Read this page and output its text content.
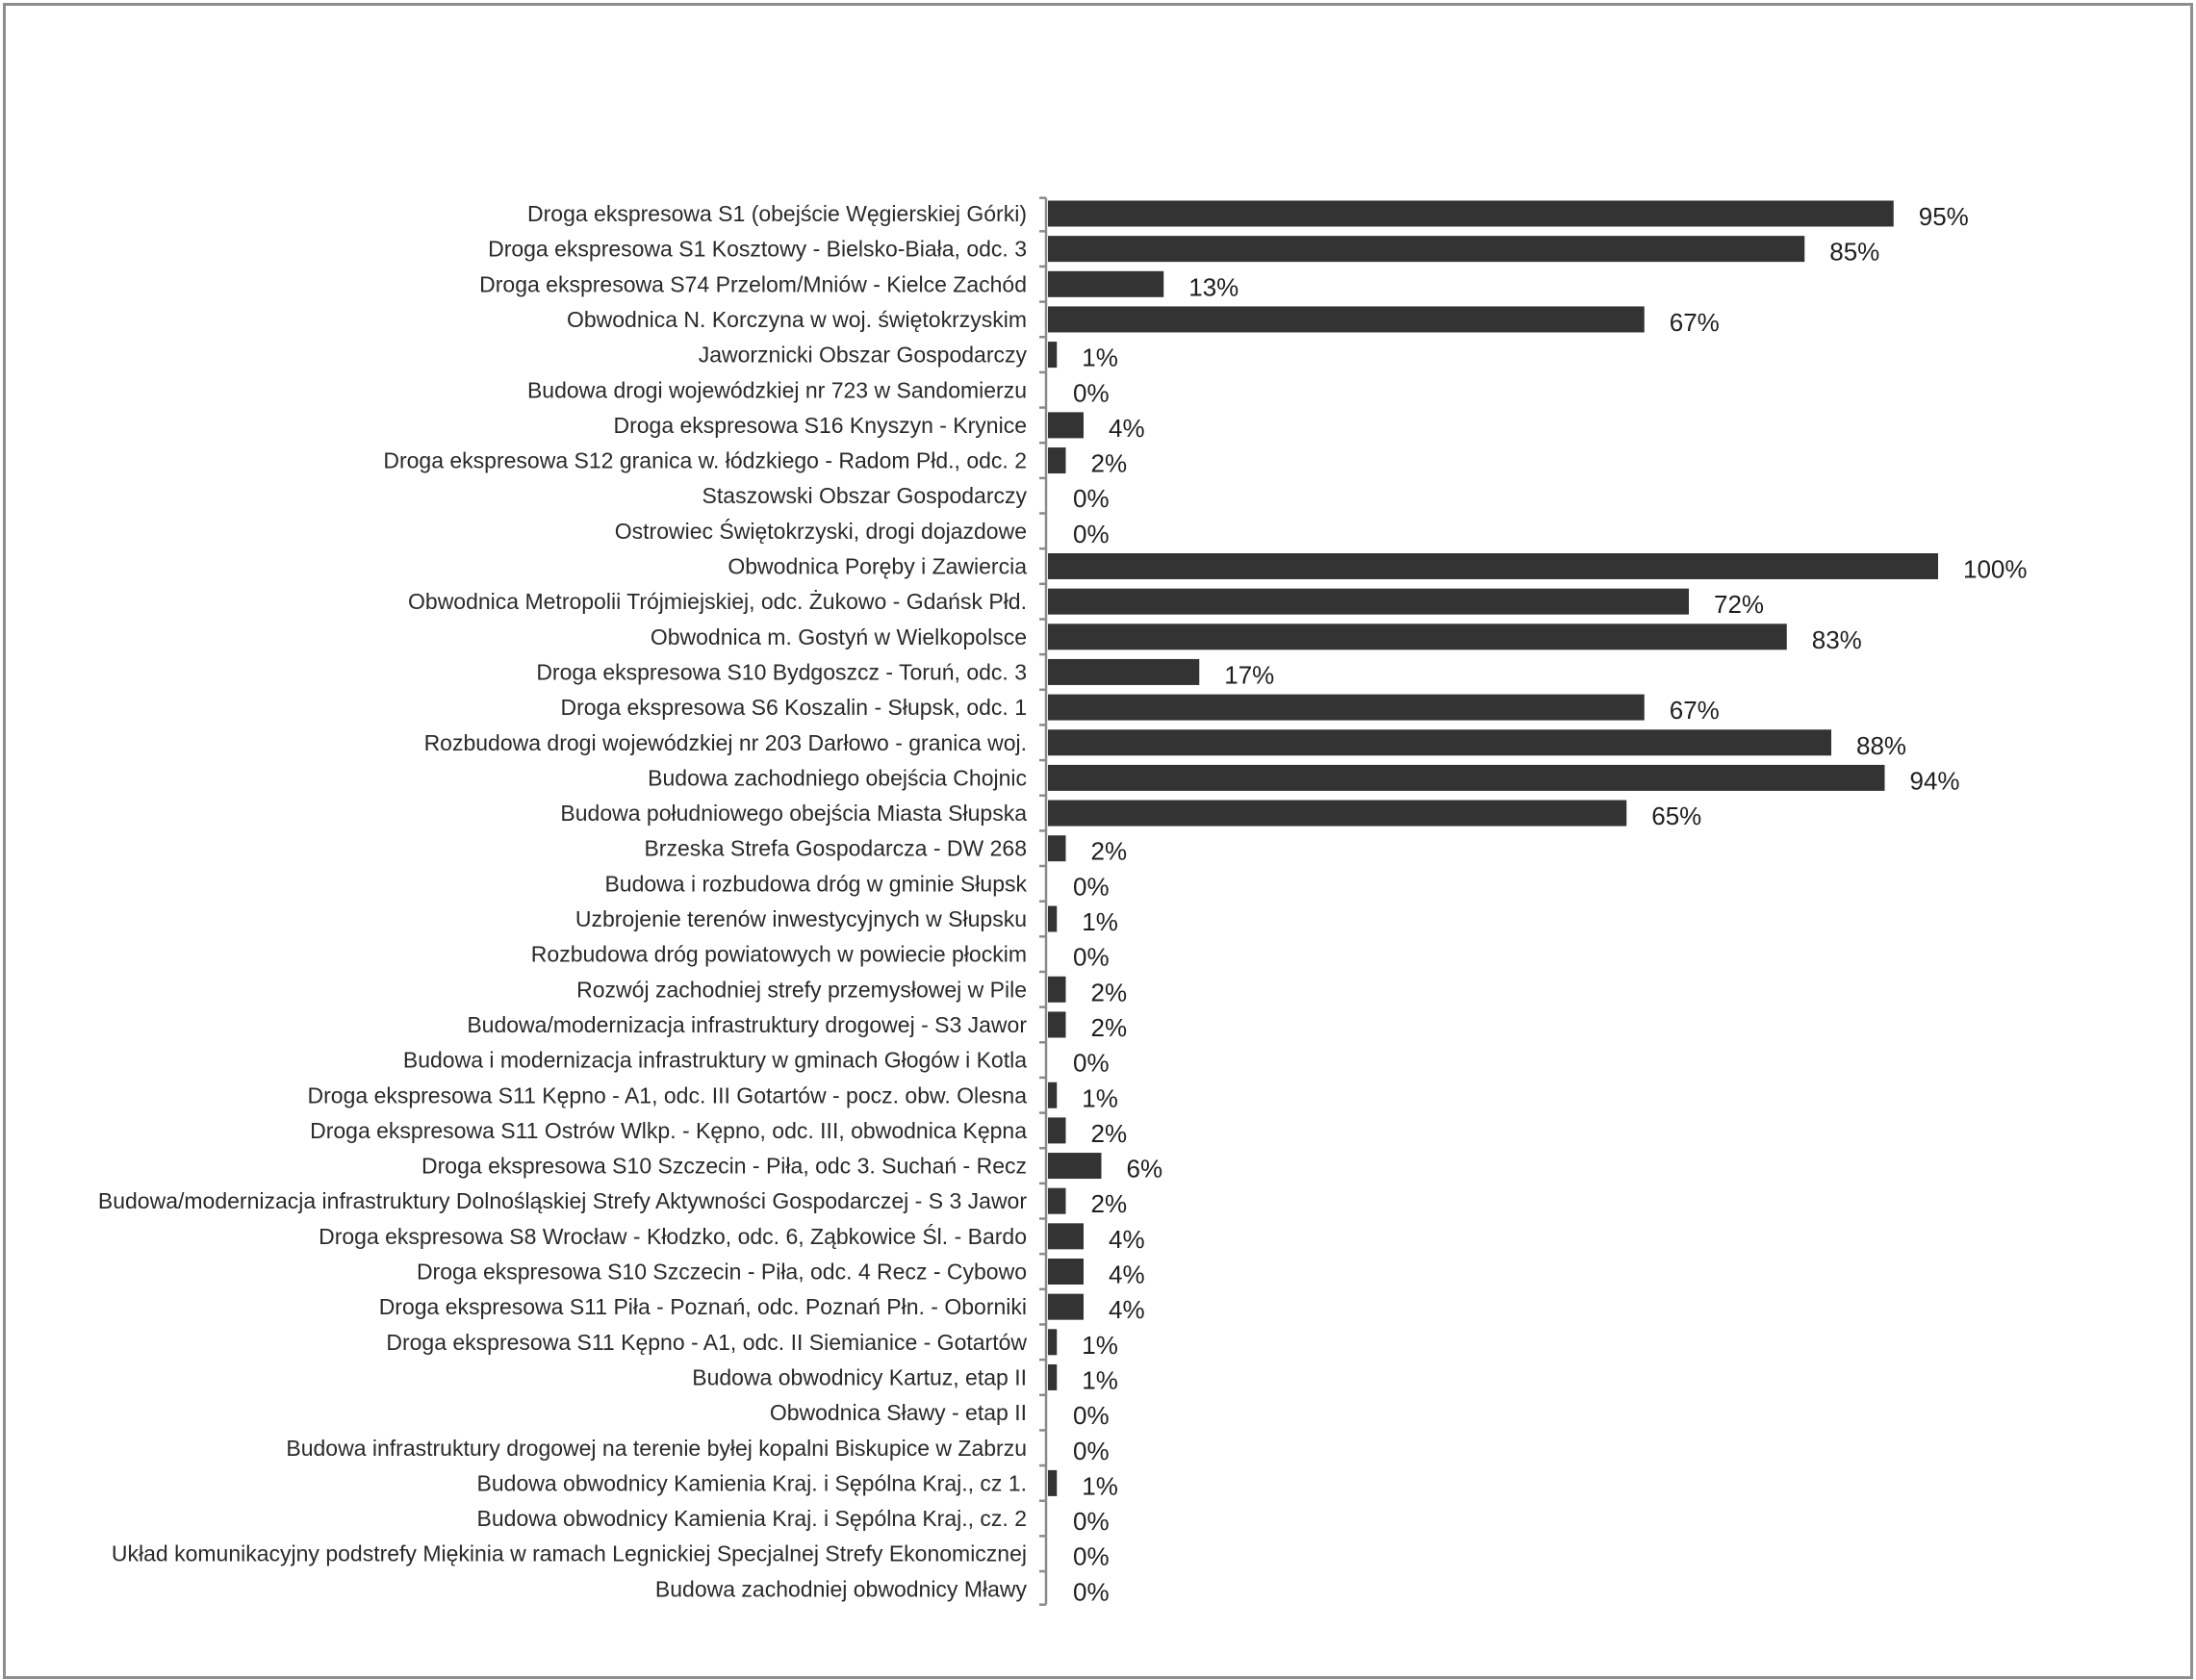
Droga ekspresowa S1 (obejście Węgierskiej Górki)
Droga ekspresowa S1 Kosztowy - Bielsko-Biała, odc. 3
Droga ekspresowa S74 Przelom/Mniów - Kielce Zachód
Obwodnica N. Korczyna w woj. świętokrzyskim
Jaworznicki Obszar Gospodarczy
Budowa drogi wojewódzkiej nr 723 w Sandomierzu
Droga ekspresowa S16 Knyszyn - Krynice
Droga ekspresowa S12 granica w. łódzkiego - Radom Płd., odc. 2
Staszowski Obszar Gospodarczy
Ostrowiec Świętokrzyski, drogi dojazdowe
Obwodnica Poręby i Zawiercia
Obwodnica Metropolii Trójmiejskiej, odc. Żukowo - Gdańsk Płd.
Obwodnica m. Gostyń w Wielkopolsce
Droga ekspresowa S10 Bydgoszcz - Toruń, odc. 3
Droga ekspresowa S6 Koszalin - Słupsk, odc. 1
Rozbudowa drogi wojewódzkiej nr 203 Darłowo - granica woj.
Budowa zachodniego obejścia Chojnic
Budowa południowego obejścia Miasta Słupska
Brzeska Strefa Gospodarcza - DW 268
Budowa i rozbudowa dróg w gminie Słupsk
Uzbrojenie terenów inwestycyjnych w Słupsku
Rozbudowa dróg powiatowych w powiecie płockim
Rozwój zachodniej strefy przemysłowej w Pile
Budowa/modernizacja infrastruktury drogowej - S3 Jawor
Budowa i modernizacja infrastruktury w gminach Głogów i Kotla
Droga ekspresowa S11 Kępno - A1, odc. III Gotartów - pocz. obw. Olesna
Droga ekspresowa S11 Ostrów Wlkp. - Kępno, odc. III, obwodnica Kępna
Droga ekspresowa S10 Szczecin - Piła, odc 3. Suchań - Recz
Budowa/modernizacja infrastruktury Dolnośląskiej Strefy Aktywności Gospodarczej - S 3 Jawor
Droga ekspresowa S8 Wrocław - Kłodzko, odc. 6, Ząbkowice Śl. - Bardo
Droga ekspresowa S10 Szczecin - Piła, odc. 4 Recz - Cybowo
Droga ekspresowa S11 Piła - Poznań, odc. Poznań Płn. - Oborniki
Droga ekspresowa S11 Kępno - A1, odc. II Siemianice - Gotartów
Budowa obwodnicy Kartuz, etap II
Obwodnica Sławy - etap II
Budowa infrastruktury drogowej na terenie byłej kopalni Biskupice w Zabrzu
Budowa obwodnicy Kamienia Kraj. i Sępólna Kraj., cz 1.
Budowa obwodnicy Kamienia Kraj. i Sępólna Kraj., cz. 2
Układ komunikacyjny podstrefy Miękinia w ramach Legnickiej Specjalnej Strefy Ekonomicznej
Budowa zachodniej obwodnicy Mławy
95%
85%
13%
67%
1%
0%
4%
2%
0%
0%
100%
72%
83%
17%
67%
88%
94%
65%
2%
0%
1%
0%
2%
2%
0%
1%
2%
6%
2%
4%
4%
4%
1%
1%
0%
0%
1%
0%
0%
0%
